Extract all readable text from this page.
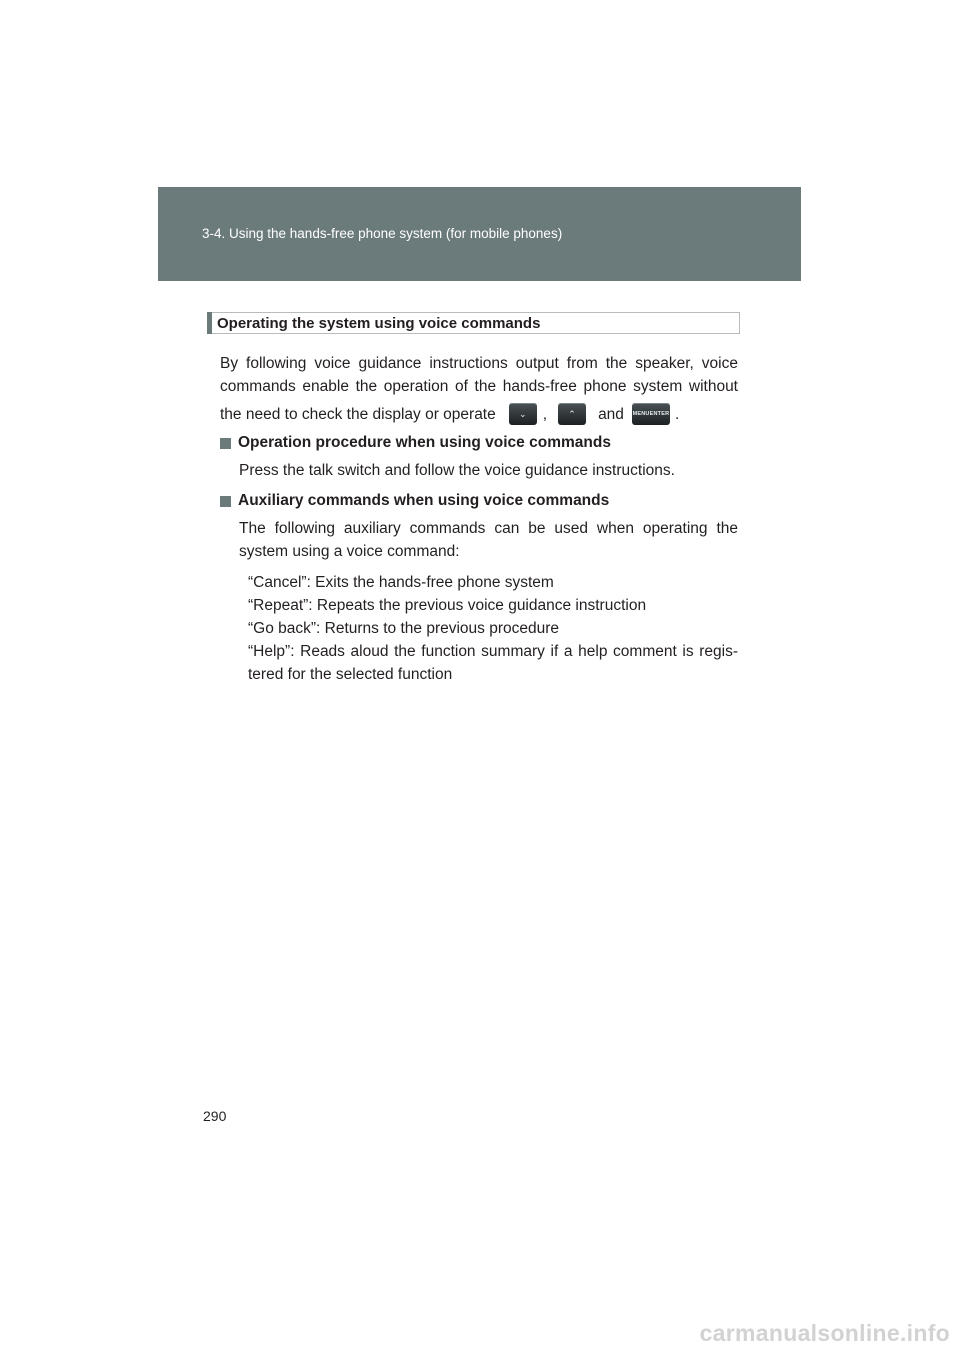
3-4. Using the hands-free phone system (for mobile phones)
Operating the system using voice commands
By following voice guidance instructions output from the speaker, voice
commands enable the operation of the hands-free phone system without
the need to check the display or operate	⌄ , ⌃ and MENU ENTER .
Operation procedure when using voice commands
Press the talk switch and follow the voice guidance instructions.
Auxiliary commands when using voice commands
The following auxiliary commands can be used when operating the
system using a voice command:
“Cancel”: Exits the hands-free phone system
“Repeat”: Repeats the previous voice guidance instruction
“Go back”: Returns to the previous procedure
“Help”: Reads aloud the function summary if a help comment is regis-
tered for the selected function
290
carmanualsonline.info
